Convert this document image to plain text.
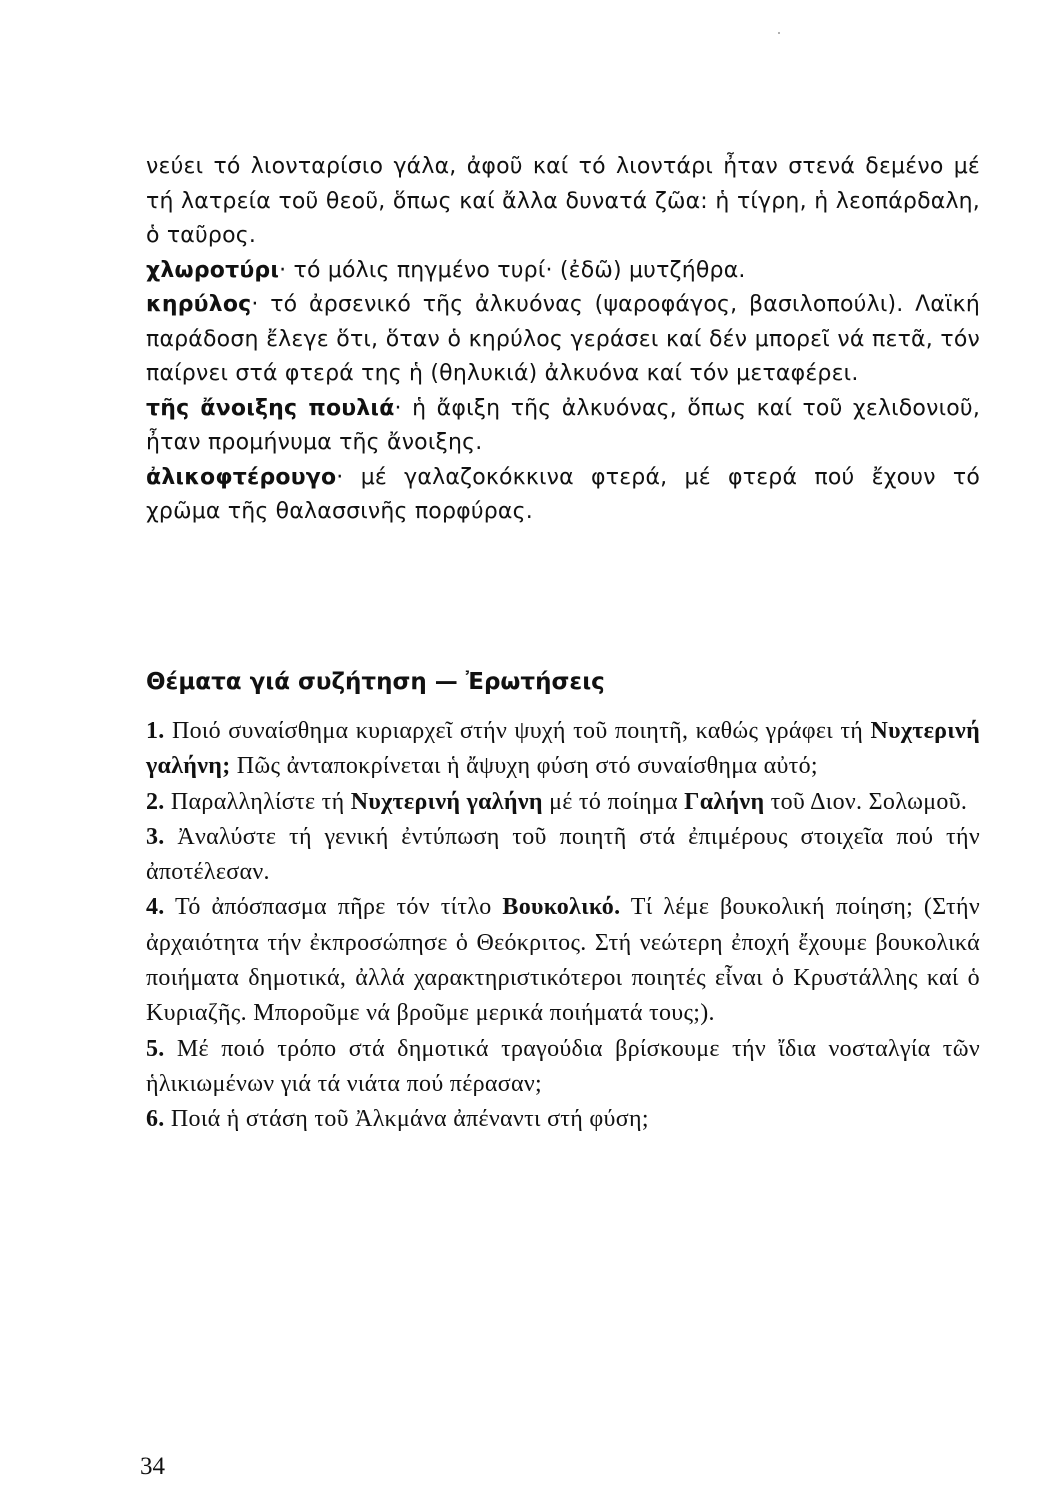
νεύει τό λιονταρίσιο γάλα, ἀφοῦ καί τό λιοντάρι ἦταν στενά δεμένο μέ τή λατρεία τοῦ θεοῦ, ὅπως καί ἄλλα δυνατά ζῶα: ἡ τίγρη, ἡ λεοπάρδαλη, ὁ ταῦρος.

χλωροτύρι· τό μόλις πηγμένο τυρί· (ἐδῶ) μυτζήθρα.

κηρύλος· τό ἀρσενικό τῆς ἀλκυόνας (ψαροφάγος, βασιλοπούλι). Λαϊκή παράδοση ἔλεγε ὅτι, ὅταν ὁ κηρύλος γεράσει καί δέν μπορεῖ νά πετᾶ, τόν παίρνει στά φτερά της ἡ (θηλυκιά) ἀλκυόνα καί τόν μεταφέρει.

τῆς ἄνοιξης πουλιά· ἡ ἄφιξη τῆς ἀλκυόνας, ὅπως καί τοῦ χελιδονιοῦ, ἦταν προμήνυμα τῆς ἄνοιξης.

ἀλικοφτέρουγο· μέ γαλαζοκόκκινα φτερά, μέ φτερά πού ἔχουν τό χρῶμα τῆς θαλασσινῆς πορφύρας.

Θέματα γιά συζήτηση — Ἐρωτήσεις

1. Ποιό συναίσθημα κυριαρχεῖ στήν ψυχή τοῦ ποιητῆ, καθώς γράφει τή Νυχτερινή γαλήνη; Πῶς ἀνταποκρίνεται ἡ ἄψυχη φύση στό συναίσθημα αὐτό;

2. Παραλληλίστε τή Νυχτερινή γαλήνη μέ τό ποίημα Γαλήνη τοῦ Διον. Σολωμοῦ.

3. Ἀναλύστε τή γενική ἐντύπωση τοῦ ποιητῆ στά ἐπιμέρους στοιχεῖα πού τήν ἀποτέλεσαν.

4. Τό ἀπόσπασμα πῆρε τόν τίτλο Βουκολικό. Τί λέμε βουκολική ποίηση; (Στήν ἀρχαιότητα τήν ἐκπροσώπησε ὁ Θεόκριτος. Στή νεώτερη ἐποχή ἔχουμε βουκολικά ποιήματα δημοτικά, ἀλλά χαρακτηριστικότεροι ποιητές εἶναι ὁ Κρυστάλλης καί ὁ Κυριαζῆς. Μποροῦμε νά βροῦμε μερικά ποιήματά τους;).

5. Μέ ποιό τρόπο στά δημοτικά τραγούδια βρίσκουμε τήν ἴδια νοσταλγία τῶν ἡλικιωμένων γιά τά νιάτα πού πέρασαν;

6. Ποιά ἡ στάση τοῦ Ἀλκμάνα ἀπέναντι στή φύση;

34
